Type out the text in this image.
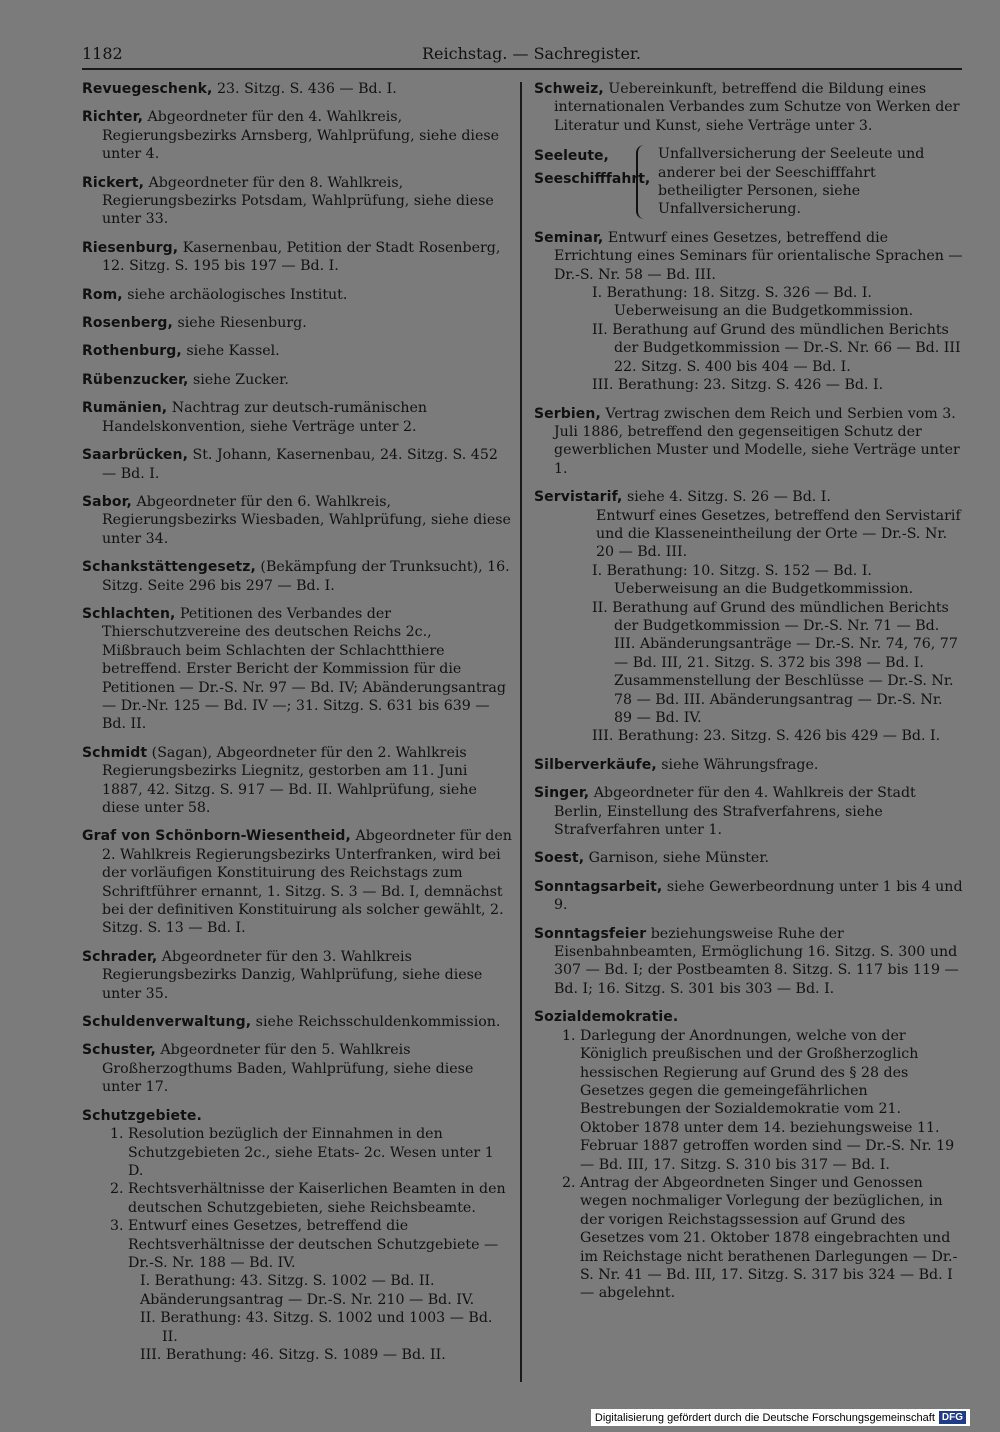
1182	Reichstag. — Sachregister.
Revuegeschenk, 23. Sitzg. S. 436 — Bd. I.
Richter, Abgeordneter für den 4. Wahlkreis, Regierungsbezirks Arnsberg, Wahlprüfung, siehe diese unter 4.
Rickert, Abgeordneter für den 8. Wahlkreis, Regierungsbezirks Potsdam, Wahlprüfung, siehe diese unter 33.
Riesenburg, Kasernenbau, Petition der Stadt Rosenberg, 12. Sitzg. S. 195 bis 197 — Bd. I.
Rom, siehe archäologisches Institut.
Rosenberg, siehe Riesenburg.
Rothenburg, siehe Kassel.
Rübenzucker, siehe Zucker.
Rumänien, Nachtrag zur deutsch-rumänischen Handelskonvention, siehe Verträge unter 2.
Saarbrücken, St. Johann, Kasernenbau, 24. Sitzg. S. 452 — Bd. I.
Sabor, Abgeordneter für den 6. Wahlkreis, Regierungsbezirks Wiesbaden, Wahlprüfung, siehe diese unter 34.
Schankstättengesetz, (Bekämpfung der Trunksucht), 16. Sitzg. Seite 296 bis 297 — Bd. I.
Schlachten, Petitionen des Verbandes der Thierschutzvereine des deutschen Reichs 2c., Mißbrauch beim Schlachten der Schlachtthiere betreffend. Erster Bericht der Kommission für die Petitionen — Dr.-S. Nr. 97 — Bd. IV; Abänderungsantrag — Dr.-Nr. 125 — Bd. IV —; 31. Sitzg. S. 631 bis 639 — Bd. II.
Schmidt (Sagan), Abgeordneter für den 2. Wahlkreis Regierungsbezirks Liegnitz, gestorben am 11. Juni 1887, 42. Sitzg. S. 917 — Bd. II. Wahlprüfung, siehe diese unter 58.
Graf von Schönborn-Wiesentheid, Abgeordneter für den 2. Wahlkreis Regierungsbezirks Unterfranken, wird bei der vorläufigen Konstituirung des Reichstags zum Schriftführer ernannt, 1. Sitzg. S. 3 — Bd. I, demnächst bei der definitiven Konstituirung als solcher gewählt, 2. Sitzg. S. 13 — Bd. I.
Schrader, Abgeordneter für den 3. Wahlkreis Regierungsbezirks Danzig, Wahlprüfung, siehe diese unter 35.
Schuldenverwaltung, siehe Reichsschuldenkommission.
Schuster, Abgeordneter für den 5. Wahlkreis Großherzogthums Baden, Wahlprüfung, siehe diese unter 17.
Schutzgebiete.
1. Resolution bezüglich der Einnahmen in den Schutzgebieten 2c., siehe Etats- 2c. Wesen unter 1 D.
2. Rechtsverhältnisse der Kaiserlichen Beamten in den deutschen Schutzgebieten, siehe Reichsbeamte.
3. Entwurf eines Gesetzes, betreffend die Rechtsverhältnisse der deutschen Schutzgebiete — Dr.-S. Nr. 188 — Bd. IV.
I. Berathung: 43. Sitzg. S. 1002 — Bd. II.
Abänderungsantrag — Dr.-S. Nr. 210 — Bd. IV.
II. Berathung: 43. Sitzg. S. 1002 und 1003 — Bd. II.
III. Berathung: 46. Sitzg. S. 1089 — Bd. II.
Schweiz, Uebereinkunft, betreffend die Bildung eines internationalen Verbandes zum Schutze von Werken der Literatur und Kunst, siehe Verträge unter 3.
Seeleute,
Seeschifffahrt,
Unfallversicherung der Seeleute und anderer bei der Seeschifffahrt betheiligter Personen, siehe Unfallversicherung.
Seminar, Entwurf eines Gesetzes, betreffend die Errichtung eines Seminars für orientalische Sprachen — Dr.-S. Nr. 58 — Bd. III.
I. Berathung: 18. Sitzg. S. 326 — Bd. I. Ueberweisung an die Budgetkommission.
II. Berathung auf Grund des mündlichen Berichts der Budgetkommission — Dr.-S. Nr. 66 — Bd. III 22. Sitzg. S. 400 bis 404 — Bd. I.
III. Berathung: 23. Sitzg. S. 426 — Bd. I.
Serbien, Vertrag zwischen dem Reich und Serbien vom 3. Juli 1886, betreffend den gegenseitigen Schutz der gewerblichen Muster und Modelle, siehe Verträge unter 1.
Servistarif, siehe 4. Sitzg. S. 26 — Bd. I.
Entwurf eines Gesetzes, betreffend den Servistarif und die Klasseneintheilung der Orte — Dr.-S. Nr. 20 — Bd. III.
I. Berathung: 10. Sitzg. S. 152 — Bd. I. Ueberweisung an die Budgetkommission.
II. Berathung auf Grund des mündlichen Berichts der Budgetkommission — Dr.-S. Nr. 71 — Bd. III. Abänderungsanträge — Dr.-S. Nr. 74, 76, 77 — Bd. III, 21. Sitzg. S. 372 bis 398 — Bd. I. Zusammenstellung der Beschlüsse — Dr.-S. Nr. 78 — Bd. III. Abänderungsantrag — Dr.-S. Nr. 89 — Bd. IV.
III. Berathung: 23. Sitzg. S. 426 bis 429 — Bd. I.
Silberverkäufe, siehe Währungsfrage.
Singer, Abgeordneter für den 4. Wahlkreis der Stadt Berlin, Einstellung des Strafverfahrens, siehe Strafverfahren unter 1.
Soest, Garnison, siehe Münster.
Sonntagsarbeit, siehe Gewerbeordnung unter 1 bis 4 und 9.
Sonntagsfeier beziehungsweise Ruhe der Eisenbahnbeamten, Ermöglichung 16. Sitzg. S. 300 und 307 — Bd. I; der Postbeamten 8. Sitzg. S. 117 bis 119 — Bd. I; 16. Sitzg. S. 301 bis 303 — Bd. I.
Sozialdemokratie.
1. Darlegung der Anordnungen, welche von der Königlich preußischen und der Großherzoglich hessischen Regierung auf Grund des § 28 des Gesetzes gegen die gemeingefährlichen Bestrebungen der Sozialdemokratie vom 21. Oktober 1878 unter dem 14. beziehungsweise 11. Februar 1887 getroffen worden sind — Dr.-S. Nr. 19 — Bd. III, 17. Sitzg. S. 310 bis 317 — Bd. I.
2. Antrag der Abgeordneten Singer und Genossen wegen nochmaliger Vorlegung der bezüglichen, in der vorigen Reichstagssession auf Grund des Gesetzes vom 21. Oktober 1878 eingebrachten und im Reichstage nicht berathenen Darlegungen — Dr.-S. Nr. 41 — Bd. III, 17. Sitzg. S. 317 bis 324 — Bd. I — abgelehnt.
Digitalisierung gefördert durch die Deutsche Forschungsgemeinschaft DFG
